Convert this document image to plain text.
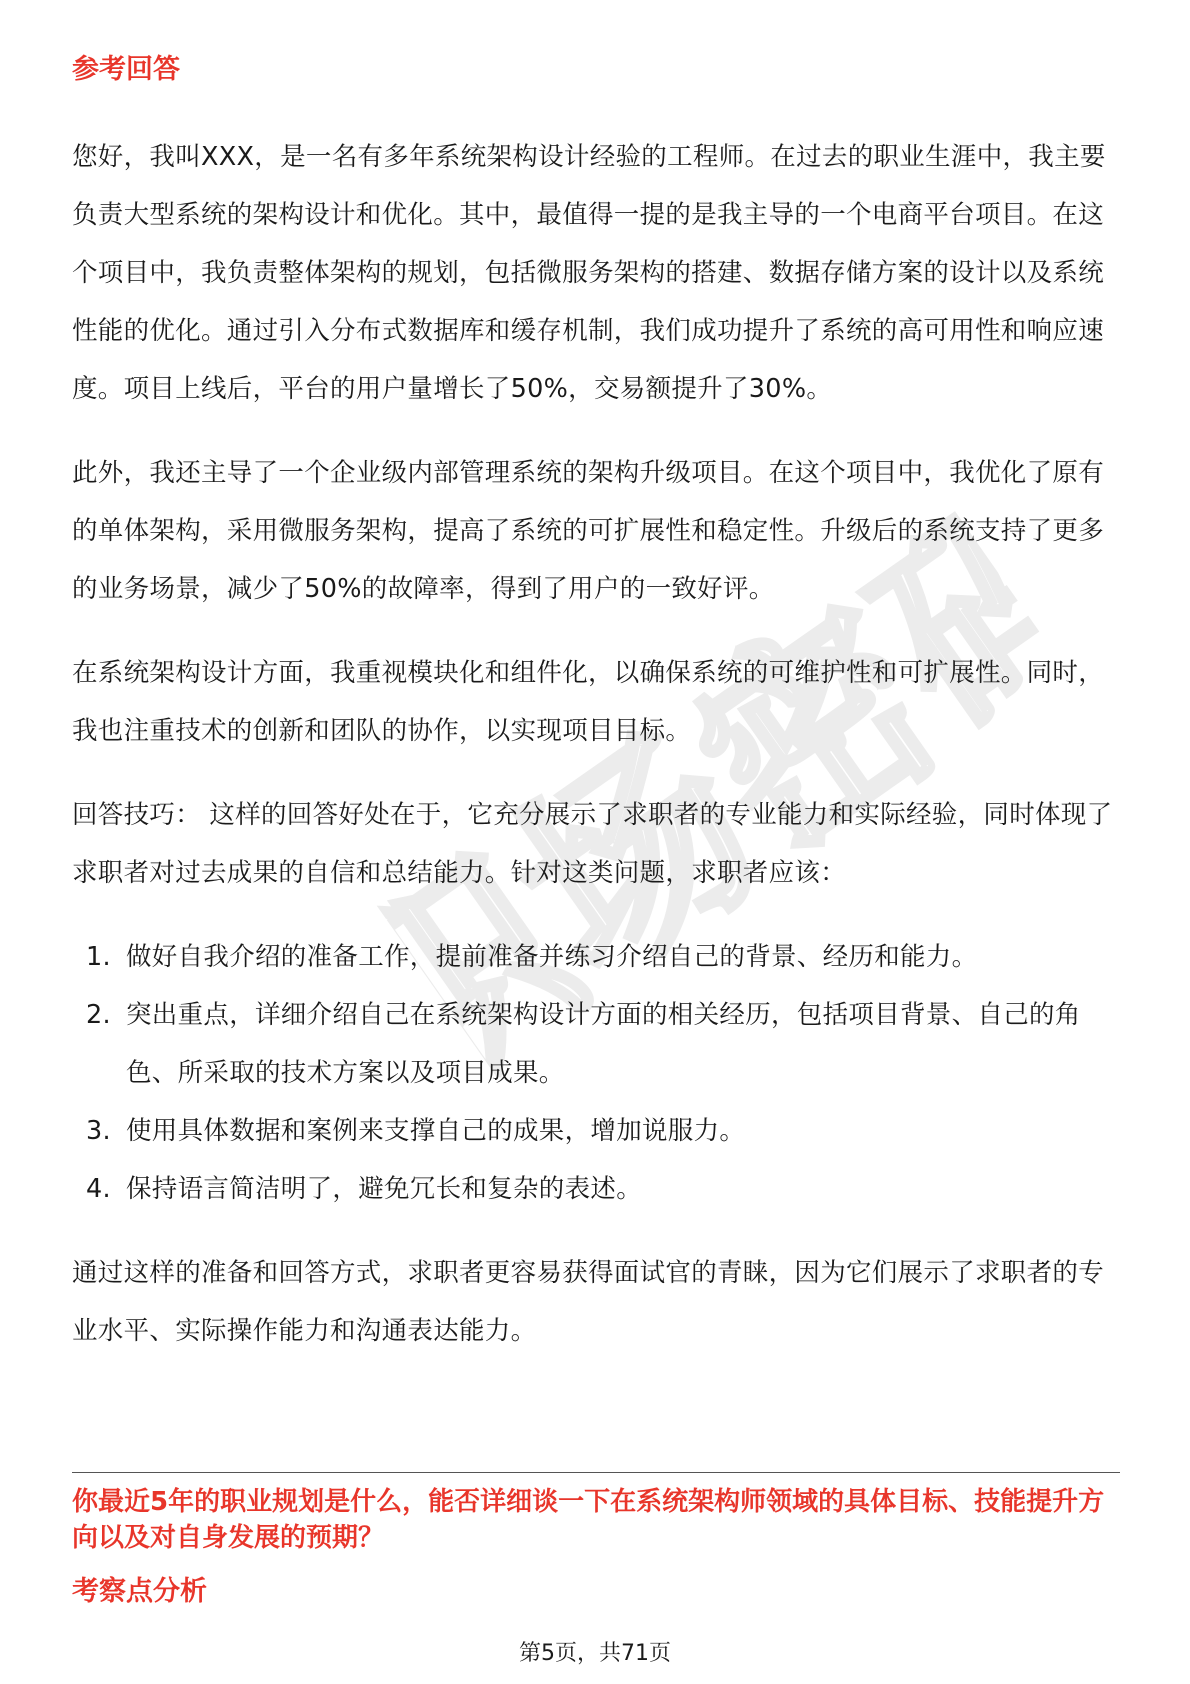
职场密码
参考回答

您好，我叫XXX，是一名有多年系统架构设计经验的工程师。在过去的职业生涯中，我主要负责大型系统的架构设计和优化。其中，最值得一提的是我主导的一个电商平台项目。在这个项目中，我负责整体架构的规划，包括微服务架构的搭建、数据存储方案的设计以及系统性能的优化。通过引入分布式数据库和缓存机制，我们成功提升了系统的高可用性和响应速度。项目上线后，平台的用户量增长了50%，交易额提升了30%。

此外，我还主导了一个企业级内部管理系统的架构升级项目。在这个项目中，我优化了原有的单体架构，采用微服务架构，提高了系统的可扩展性和稳定性。升级后的系统支持了更多的业务场景，减少了50%的故障率，得到了用户的一致好评。

在系统架构设计方面，我重视模块化和组件化，以确保系统的可维护性和可扩展性。同时，我也注重技术的创新和团队的协作，以实现项目目标。

回答技巧： 这样的回答好处在于，它充分展示了求职者的专业能力和实际经验，同时体现了求职者对过去成果的自信和总结能力。针对这类问题，求职者应该：

1. 做好自我介绍的准备工作，提前准备并练习介绍自己的背景、经历和能力。
2. 突出重点，详细介绍自己在系统架构设计方面的相关经历，包括项目背景、自己的角色、所采取的技术方案以及项目成果。
3. 使用具体数据和案例来支撑自己的成果，增加说服力。
4. 保持语言简洁明了，避免冗长和复杂的表述。

通过这样的准备和回答方式，求职者更容易获得面试官的青睐，因为它们展示了求职者的专业水平、实际操作能力和沟通表达能力。

你最近5年的职业规划是什么，能否详细谈一下在系统架构师领域的具体目标、技能提升方向以及对自身发展的预期？
考察点分析
第5页，共71页
